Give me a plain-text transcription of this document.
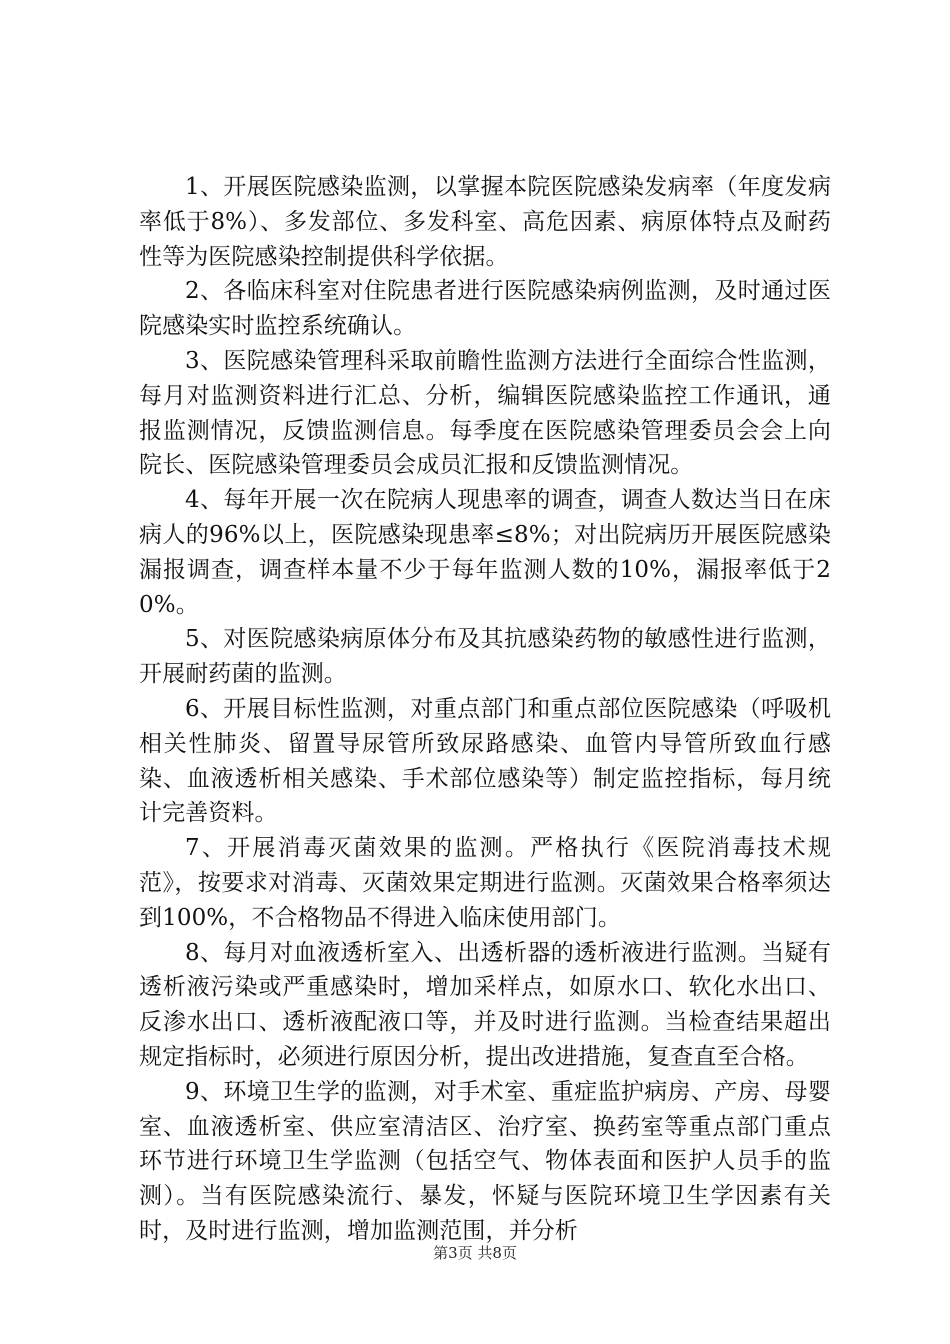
1、开展医院感染监测，以掌握本院医院感染发病率（年度发病率低于8%）、多发部位、多发科室、高危因素、病原体特点及耐药性等为医院感染控制提供科学依据。

2、各临床科室对住院患者进行医院感染病例监测，及时通过医院感染实时监控系统确认。

3、医院感染管理科采取前瞻性监测方法进行全面综合性监测，每月对监测资料进行汇总、分析，编辑医院感染监控工作通讯，通报监测情况，反馈监测信息。每季度在医院感染管理委员会会上向院长、医院感染管理委员会成员汇报和反馈监测情况。

4、每年开展一次在院病人现患率的调查，调查人数达当日在床病人的96%以上，医院感染现患率≤8%；对出院病历开展医院感染漏报调查，调查样本量不少于每年监测人数的10%，漏报率低于20%。

5、对医院感染病原体分布及其抗感染药物的敏感性进行监测，开展耐药菌的监测。

6、开展目标性监测，对重点部门和重点部位医院感染（呼吸机相关性肺炎、留置导尿管所致尿路感染、血管内导管所致血行感染、血液透析相关感染、手术部位感染等）制定监控指标，每月统计完善资料。

7、开展消毒灭菌效果的监测。严格执行《医院消毒技术规范》，按要求对消毒、灭菌效果定期进行监测。灭菌效果合格率须达到100%，不合格物品不得进入临床使用部门。

8、每月对血液透析室入、出透析器的透析液进行监测。当疑有透析液污染或严重感染时，增加采样点，如原水口、软化水出口、反渗水出口、透析液配液口等，并及时进行监测。当检查结果超出规定指标时，必须进行原因分析，提出改进措施，复查直至合格。

9、环境卫生学的监测，对手术室、重症监护病房、产房、母婴室、血液透析室、供应室清洁区、治疗室、换药室等重点部门重点环节进行环境卫生学监测（包括空气、物体表面和医护人员手的监测）。当有医院感染流行、暴发，怀疑与医院环境卫生学因素有关时，及时进行监测，增加监测范围，并分析

第3页 共8页
